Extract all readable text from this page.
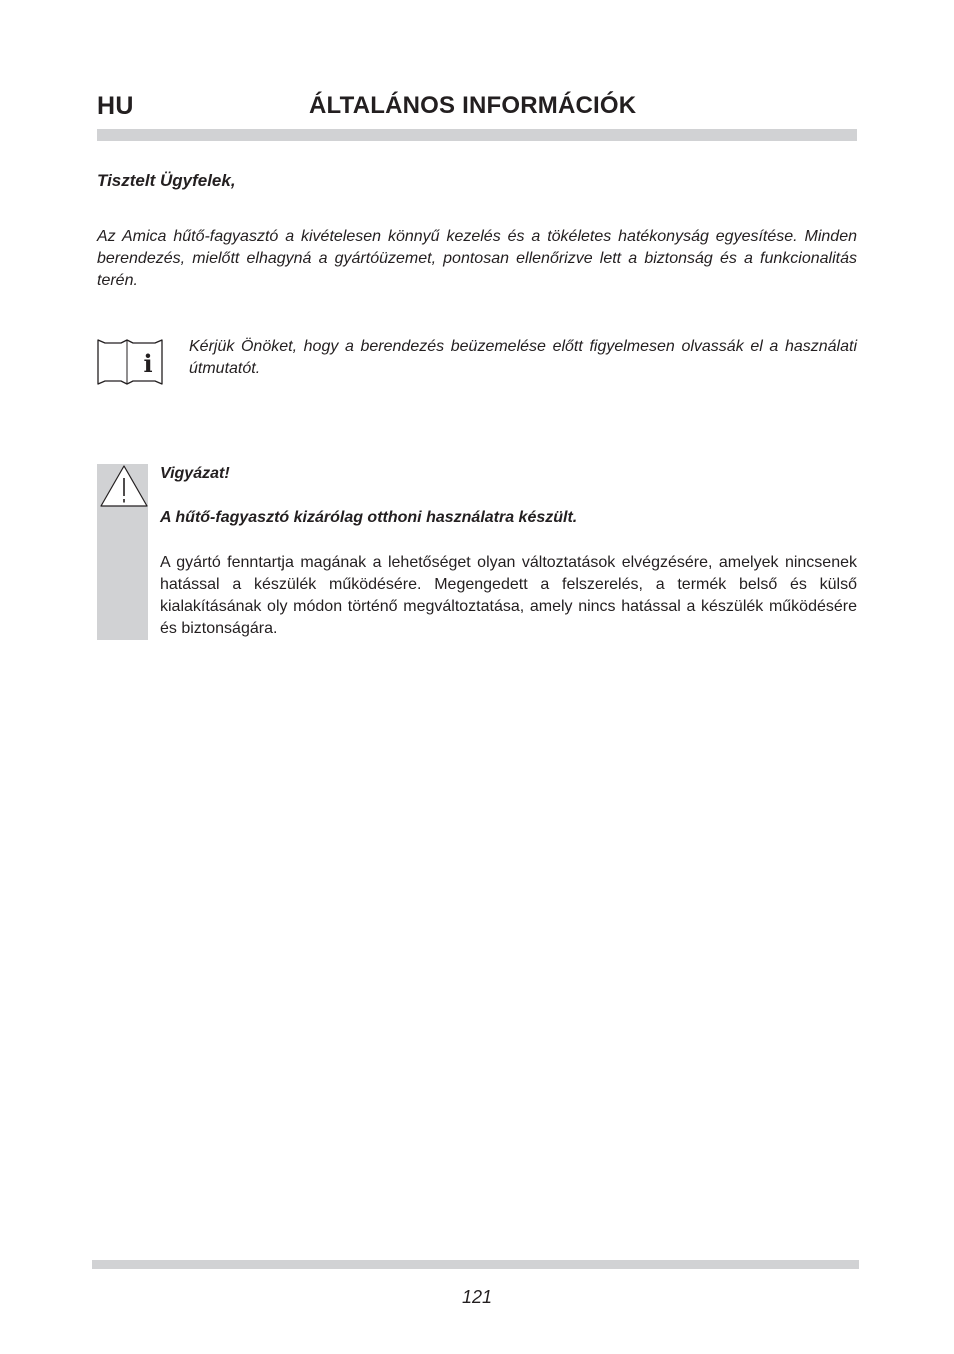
HU	ÁLTALÁNOS INFORMÁCIÓK
Tisztelt Ügyfelek,
Az Amica hűtő-fagyasztó a kivételesen könnyű kezelés és a tökéletes hatékonyság egyesítése. Minden berendezés, mielőtt elhagyná a gyártóüzemet, pontosan ellenőrizve lett a biztonság és a funkcionalitás terén.
i
Kérjük Önöket, hogy a berendezés beüzemelése előtt figyelmesen olvassák el a használati útmutatót.
Vigyázat!
A hűtő-fagyasztó kizárólag otthoni használatra készült.
A gyártó fenntartja magának a lehetőséget olyan változtatások elvégzésére, amelyek nincsenek hatással a készülék működésére. Megengedett a felszerelés, a termék belső és külső kialakításának oly módon történő megváltoztatása, amely nincs hatással a készülék működésére és biztonságára.
121
